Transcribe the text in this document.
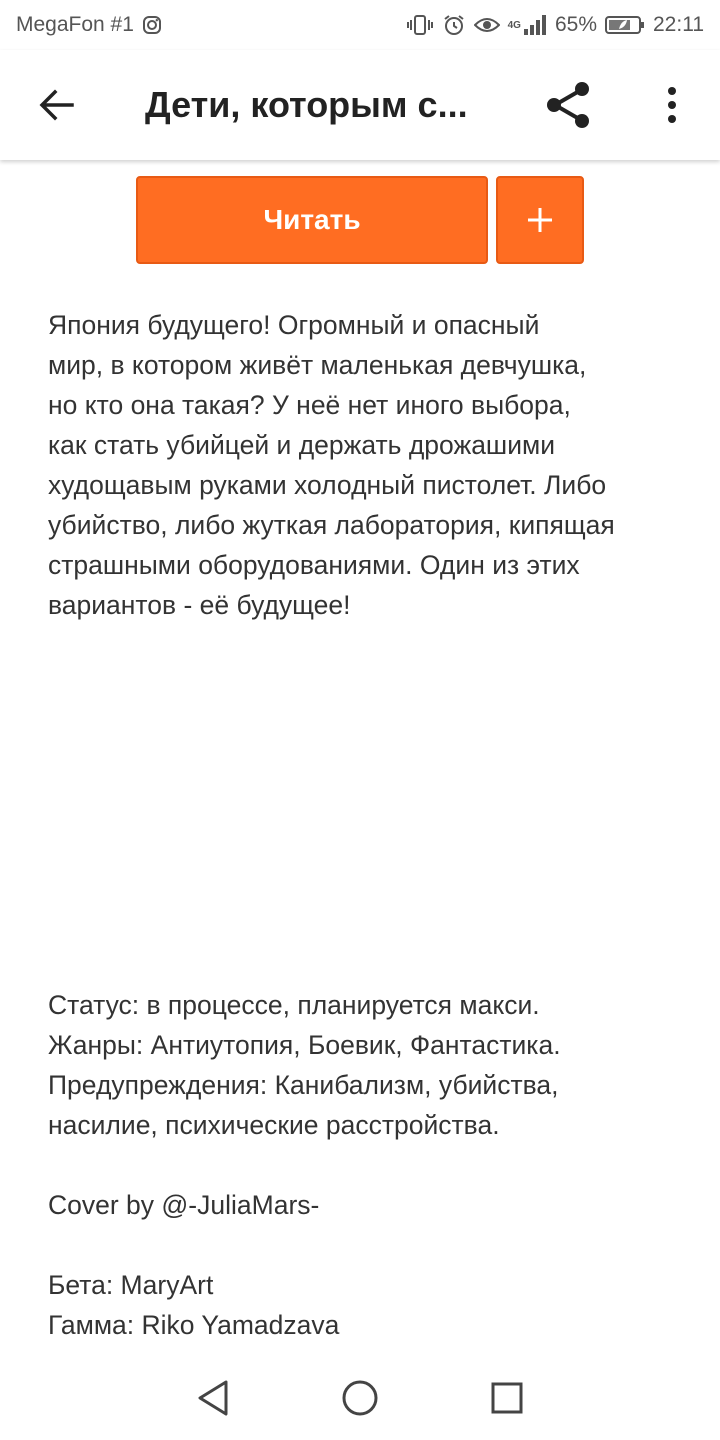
MegaFon #1	4G 65%	22:11
Дети, которым с...
Читать
Япония будущего! Огромный и опасный
мир, в котором живёт маленькая девчушка,
но кто она такая? У неё нет иного выбора,
как стать убийцей и держать дрожашими
худощавым руками холодный пистолет. Либо
убийство, либо жуткая лаборатория, кипящая
страшными оборудованиями. Один из этих
вариантов - её будущее!
Статус: в процессе, планируется макси.
Жанры: Антиутопия, Боевик, Фантастика.
Предупреждения: Канибализм, убийства,
насилие, психические расстройства.
Cover by @-JuliaMars-
Бета: MaryArt
Гамма: Riko Yamadzava
